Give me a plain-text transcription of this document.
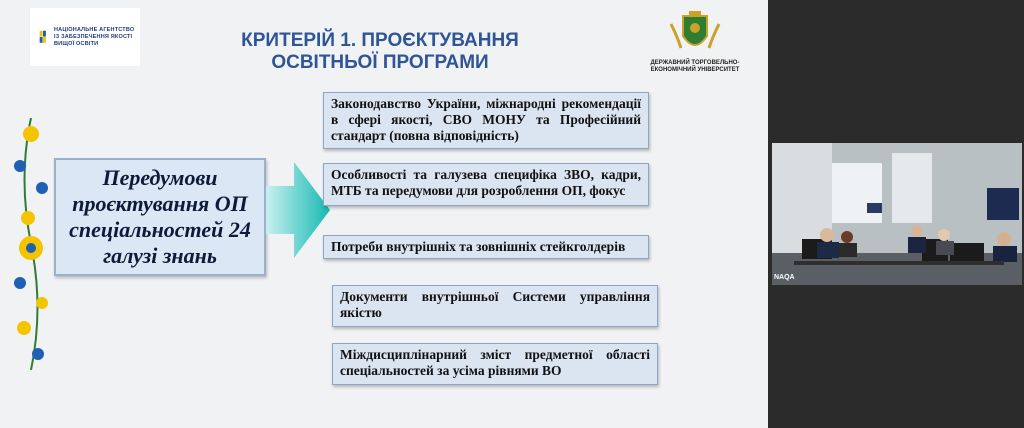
НАЦІОНАЛЬНЕ АГЕНТСТВО ІЗ ЗАБЕЗПЕЧЕННЯ ЯКОСТІ ВИЩОЇ ОСВІТИ	КРИТЕРІЙ 1. ПРОЄКТУВАННЯ ОСВІТНЬОЇ ПРОГРАМИ	ДЕРЖАВНИЙ ТОРГОВЕЛЬНО-ЕКОНОМІЧНИЙ УНІВЕРСИТЕТ
Передумови проєктування ОП спеціальностей 24 галузі знань
Законодавство України, міжнародні рекомендації в сфері якості, СВО МОНУ та Професійний стандарт (повна відповідність)
Особливості та галузева специфіка ЗВО, кадри, МТБ та передумови для розроблення ОП, фокус
Потреби внутрішніх та зовнішніх стейкголдерів
Документи внутрішньої Системи управління якістю
Міждисциплінарний зміст предметної області спеціальностей за усіма рівнями ВО
NAQA
